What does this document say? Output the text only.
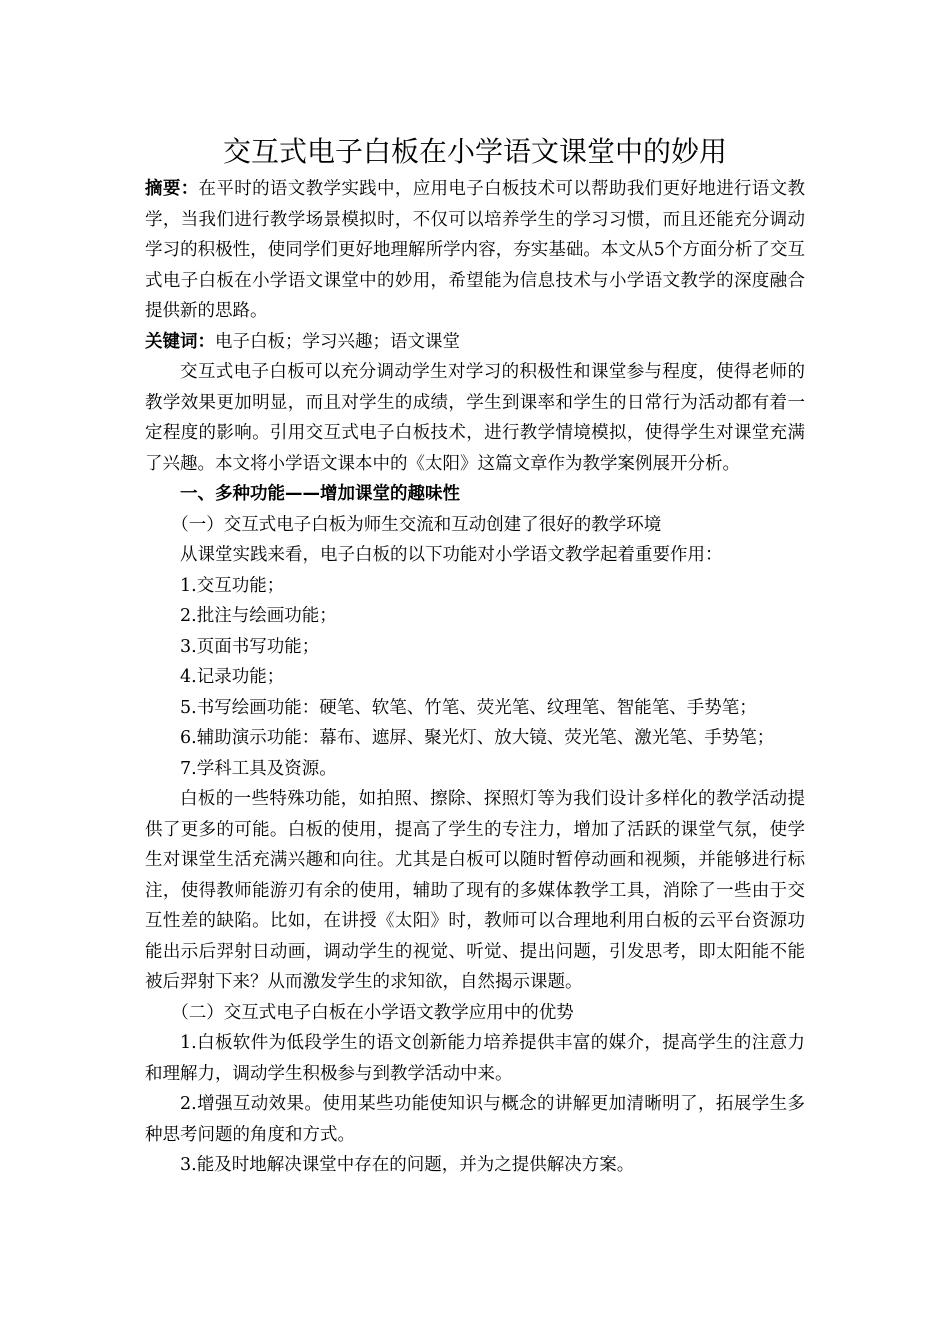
交互式电子白板在小学语文课堂中的妙用

摘要：在平时的语文教学实践中，应用电子白板技术可以帮助我们更好地进行语文教学，当我们进行教学场景模拟时，不仅可以培养学生的学习习惯，而且还能充分调动学习的积极性，使同学们更好地理解所学内容，夯实基础。本文从5个方面分析了交互式电子白板在小学语文课堂中的妙用，希望能为信息技术与小学语文教学的深度融合提供新的思路。

关键词：电子白板；学习兴趣；语文课堂

交互式电子白板可以充分调动学生对学习的积极性和课堂参与程度，使得老师的教学效果更加明显，而且对学生的成绩，学生到课率和学生的日常行为活动都有着一定程度的影响。引用交互式电子白板技术，进行教学情境模拟，使得学生对课堂充满了兴趣。本文将小学语文课本中的《太阳》这篇文章作为教学案例展开分析。

一、多种功能——增加课堂的趣味性

（一）交互式电子白板为师生交流和互动创建了很好的教学环境

从课堂实践来看，电子白板的以下功能对小学语文教学起着重要作用：

1.交互功能；

2.批注与绘画功能；

3.页面书写功能；

4.记录功能；

5.书写绘画功能：硬笔、软笔、竹笔、荧光笔、纹理笔、智能笔、手势笔；

6.辅助演示功能：幕布、遮屏、聚光灯、放大镜、荧光笔、激光笔、手势笔；

7.学科工具及资源。

白板的一些特殊功能，如拍照、擦除、探照灯等为我们设计多样化的教学活动提供了更多的可能。白板的使用，提高了学生的专注力，增加了活跃的课堂气氛，使学生对课堂生活充满兴趣和向往。尤其是白板可以随时暂停动画和视频，并能够进行标注，使得教师能游刃有余的使用，辅助了现有的多媒体教学工具，消除了一些由于交互性差的缺陷。比如，在讲授《太阳》时，教师可以合理地利用白板的云平台资源功能出示后羿射日动画，调动学生的视觉、听觉、提出问题，引发思考，即太阳能不能被后羿射下来？从而激发学生的求知欲，自然揭示课题。

（二）交互式电子白板在小学语文教学应用中的优势

1.白板软件为低段学生的语文创新能力培养提供丰富的媒介，提高学生的注意力和理解力，调动学生积极参与到教学活动中来。

2.增强互动效果。使用某些功能使知识与概念的讲解更加清晰明了，拓展学生多种思考问题的角度和方式。

3.能及时地解决课堂中存在的问题，并为之提供解决方案。
